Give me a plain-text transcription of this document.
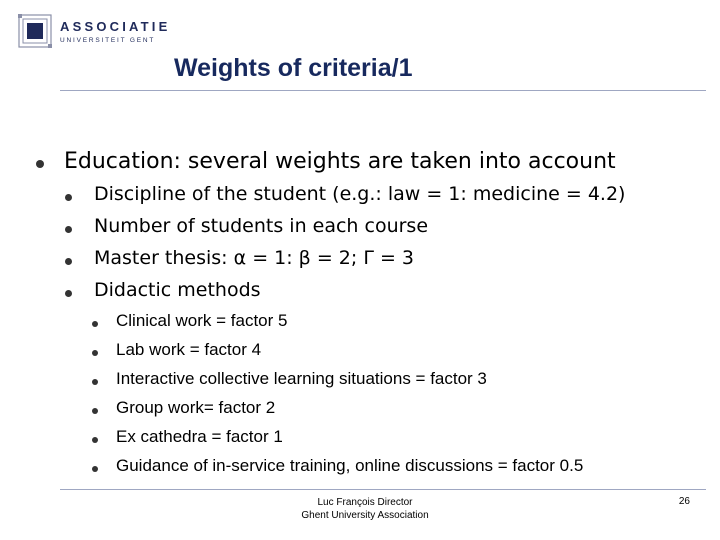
ASSOCIATIE
UNIVERSITEIT GENT
Weights of criteria/1
Education: several weights are taken into account
Discipline of the student (e.g.: law = 1: medicine = 4.2)
Number of students in each course
Master thesis: α = 1: β = 2; Γ = 3
Didactic methods
Clinical work = factor 5
Lab work = factor 4
Interactive collective learning situations = factor 3
Group work= factor 2
Ex cathedra = factor 1
Guidance of in-service training, online discussions = factor 0.5
Luc François Director
Ghent University Association
26
